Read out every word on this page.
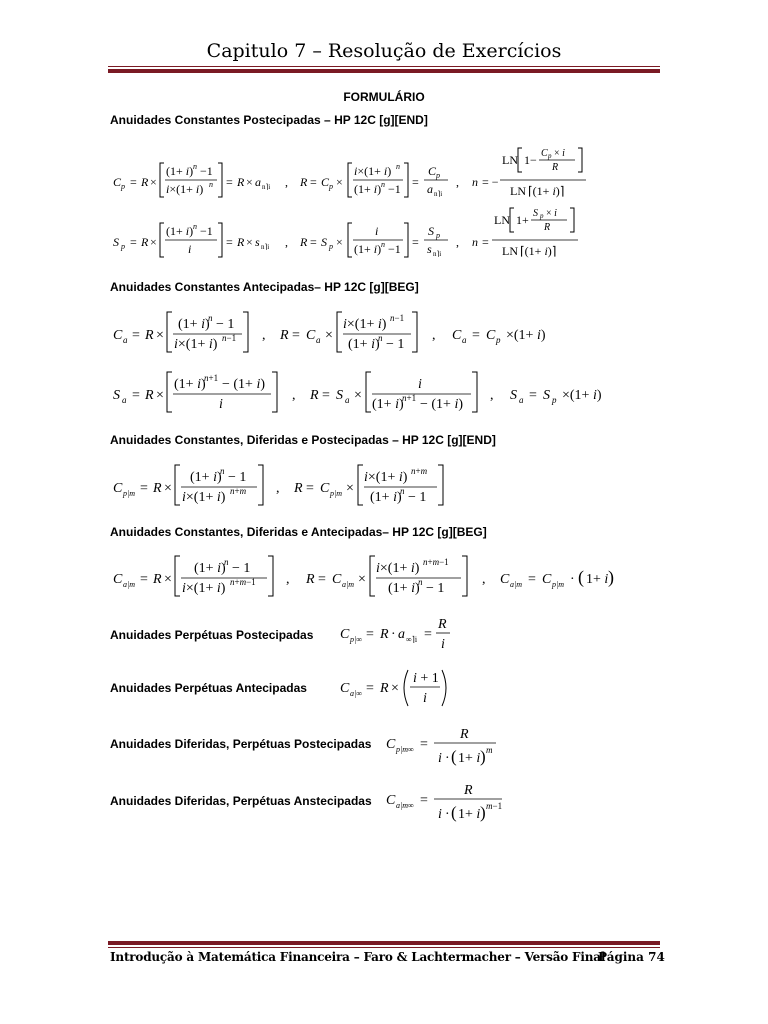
Capitulo 7 – Resolução de Exercícios
FORMULÁRIO
Anuidades Constantes Postecipadas – HP 12C [g][END]
C p = R ×
(1+ i) n −1
i×(1+ i) n = R × a n⌉i , R = C p ×
i×(1+ i) n
(1+ i) n −1 =
C p
a n⌉i
, n = −
LN 1− C p × i
R
LN ⌈(1+ i)⌉
S p = R ×
(1+ i) n −1
i	= R × s n⌉i , R = S p ×
i
(1+ i) n −1 =
S p
s n⌉i
, n =
LN 1+ S p × i
R
LN ⌈(1+ i)⌉
Anuidades Constantes Antecipadas– HP 12C [g][BEG]
C a = R ×
(1+ i)
n − 1
i×(1+ i) n−1 , R = C a ×
i×(1+ i) n−1
(1+ i)
n − 1
, C a = C p ×(1+ i)
S a = R ×
(1+ i)
n+1 − (1+ i)
i
, R = S a ×
i
(1+ i)
n+1 − (1+ i)
, S a = S p ×(1+ i)
Anuidades Constantes, Diferidas e Postecipadas – HP 12C [g][END]
C p|m = R ×
(1+ i)
n − 1
i×(1+ i) n+m , R = C p|m ×
i×(1+ i) n+m
(1+ i)
n − 1
Anuidades Constantes, Diferidas e Antecipadas– HP 12C [g][BEG]
C a|m = R ×
(1+ i)
n − 1
i×(1+ i) n+m−1 , R = C a|m ×
i×(1+ i) n+m−1
(1+ i)
n − 1
, C a|m = C p|m · ( 1+ i )
Anuidades Perpétuas Postecipadas C p|∞ = R · a ∞⌉i =
R
i
Anuidades Perpétuas Antecipadas C a|∞ = R ×
i + 1
i
Anuidades Diferidas, Perpétuas Postecipadas C p|m∞ =
R
i · ( 1+ i ) m
Anuidades Diferidas, Perpétuas Anstecipadas C a|m∞ =
R
i · ( 1+ i ) m−1
Introdução à Matemática Financeira – Faro & Lachtermacher – Versão Final
Página 74
